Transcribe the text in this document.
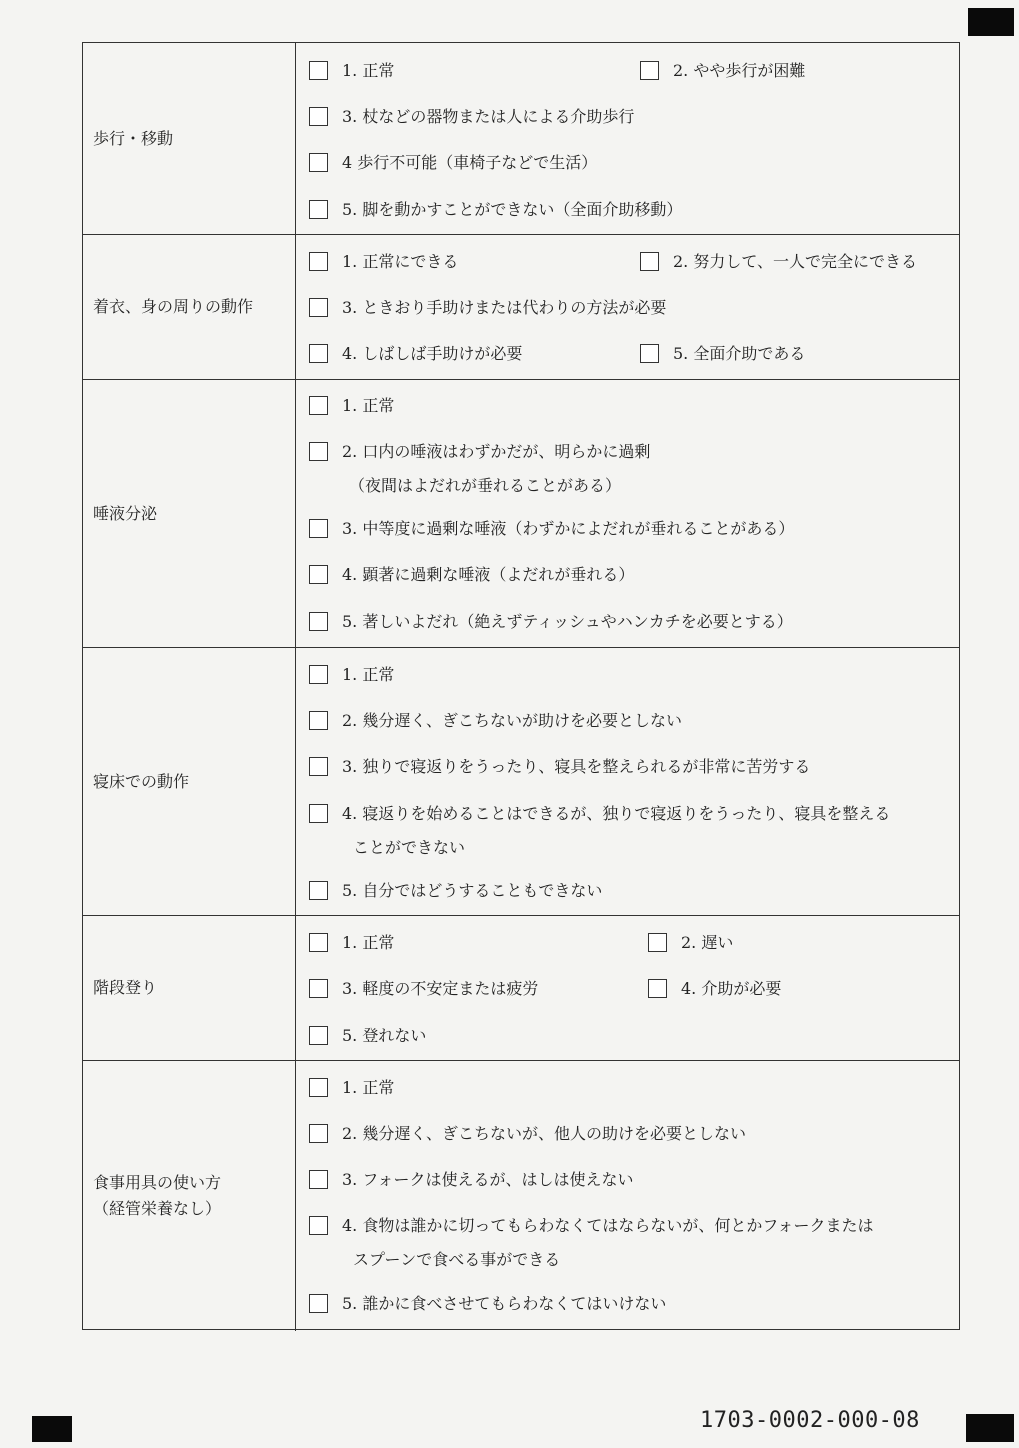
歩行・移動
1. 正常	2. やや歩行が困難
3. 杖などの器物または人による介助歩行
4 歩行不可能（車椅子などで生活）
5. 脚を動かすことができない（全面介助移動）
着衣、身の周りの動作
1. 正常にできる	2. 努力して、一人で完全にできる
3. ときおり手助けまたは代わりの方法が必要
4. しばしば手助けが必要	5. 全面介助である
唾液分泌
1. 正常
2. 口内の唾液はわずかだが、明らかに過剰
（夜間はよだれが垂れることがある）
3. 中等度に過剰な唾液（わずかによだれが垂れることがある）
4. 顕著に過剰な唾液（よだれが垂れる）
5. 著しいよだれ（絶えずティッシュやハンカチを必要とする）
寝床での動作
1. 正常
2. 幾分遅く、ぎこちないが助けを必要としない
3. 独りで寝返りをうったり、寝具を整えられるが非常に苦労する
4. 寝返りを始めることはできるが、独りで寝返りをうったり、寝具を整える
ことができない
5. 自分ではどうすることもできない
階段登り
1. 正常	2. 遅い
3. 軽度の不安定または疲労	4. 介助が必要
5. 登れない
食事用具の使い方
（経管栄養なし）
1. 正常
2. 幾分遅く、ぎこちないが、他人の助けを必要としない
3. フォークは使えるが、はしは使えない
4. 食物は誰かに切ってもらわなくてはならないが、何とかフォークまたは
スプーンで食べる事ができる
5. 誰かに食べさせてもらわなくてはいけない
1703-0002-000-08
